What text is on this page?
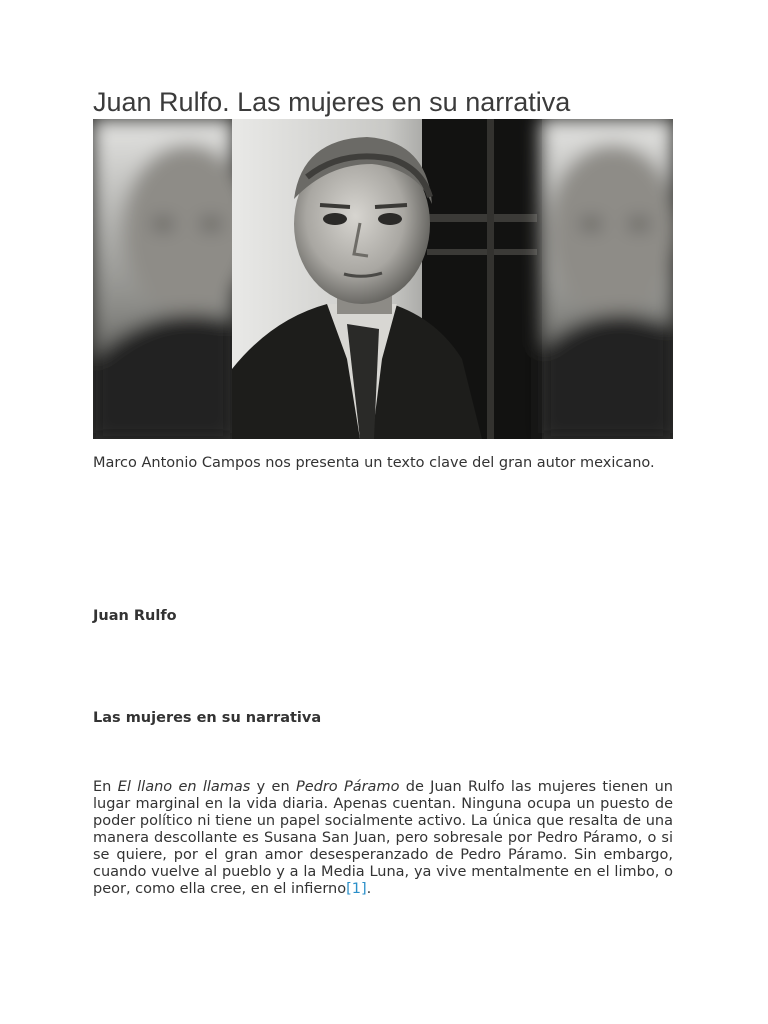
Juan Rulfo. Las mujeres en su narrativa

Marco Antonio Campos nos presenta un texto clave del gran autor mexicano.

Juan Rulfo

Las mujeres en su narrativa

En El llano en llamas y en Pedro Páramo de Juan Rulfo las mujeres tienen un lugar marginal en la vida diaria. Apenas cuentan. Ninguna ocupa un puesto de poder político ni tiene un papel socialmente activo. La única que resalta de una manera descollante es Susana San Juan, pero sobresale por Pedro Páramo, o si se quiere, por el gran amor desesperanzado de Pedro Páramo. Sin embargo, cuando vuelve al pueblo y a la Media Luna, ya vive mentalmente en el limbo, o peor, como ella cree, en el infierno[1].
